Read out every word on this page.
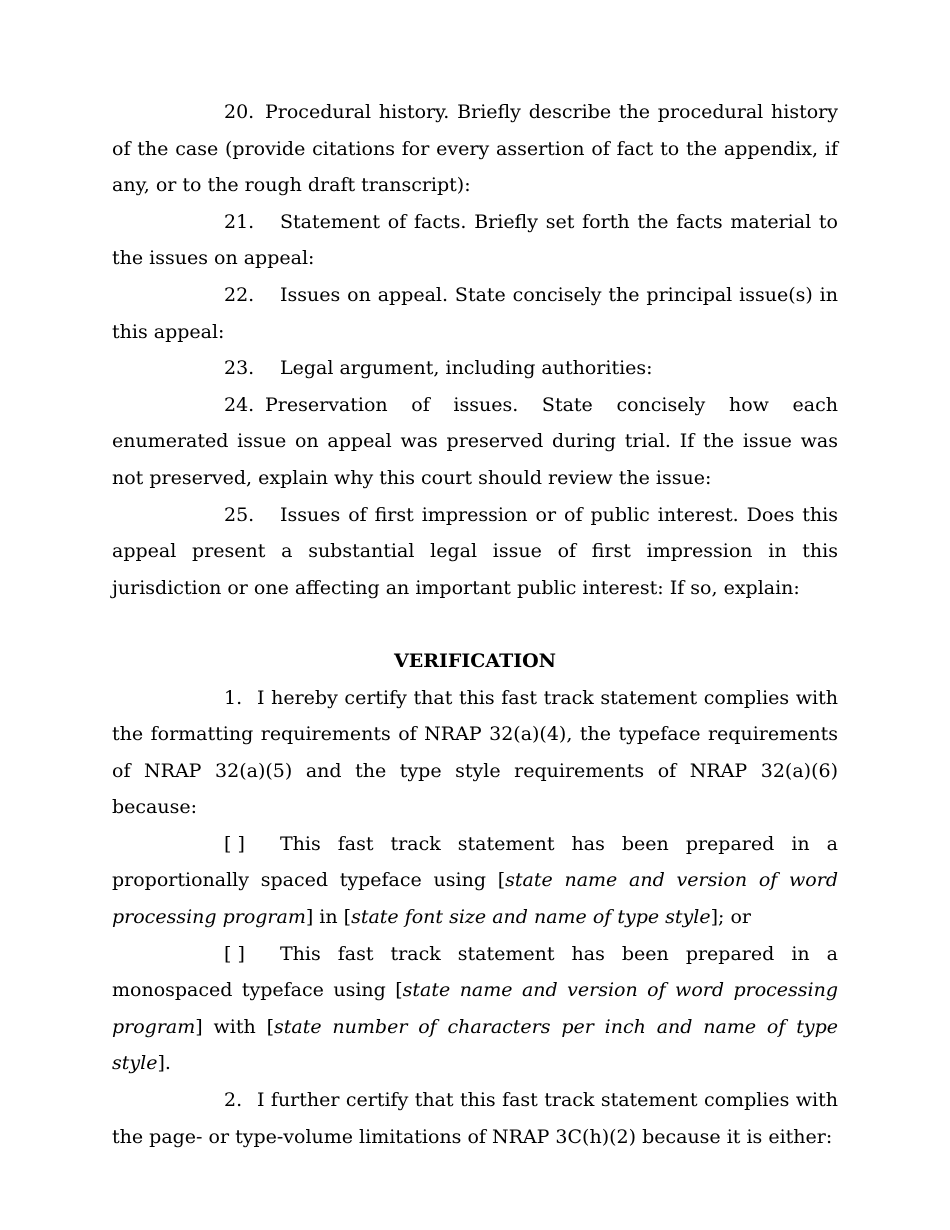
20. Procedural history. Briefly describe the procedural history of the case (provide citations for every assertion of fact to the appendix, if any, or to the rough draft transcript):

21. Statement of facts. Briefly set forth the facts material to the issues on appeal:

22. Issues on appeal. State concisely the principal issue(s) in this appeal:

23. Legal argument, including authorities:

24. Preservation of issues. State concisely how each enumerated issue on appeal was preserved during trial. If the issue was not preserved, explain why this court should review the issue:

25. Issues of first impression or of public interest. Does this appeal present a substantial legal issue of first impression in this jurisdiction or one affecting an important public interest: If so, explain:

VERIFICATION

1. I hereby certify that this fast track statement complies with the formatting requirements of NRAP 32(a)(4), the typeface requirements of NRAP 32(a)(5) and the type style requirements of NRAP 32(a)(6) because:

[ ] This fast track statement has been prepared in a proportionally spaced typeface using [state name and version of word processing program] in [state font size and name of type style]; or

[ ] This fast track statement has been prepared in a monospaced typeface using [state name and version of word processing program] with [state number of characters per inch and name of type style].

2. I further certify that this fast track statement complies with the page- or type-volume limitations of NRAP 3C(h)(2) because it is either:
